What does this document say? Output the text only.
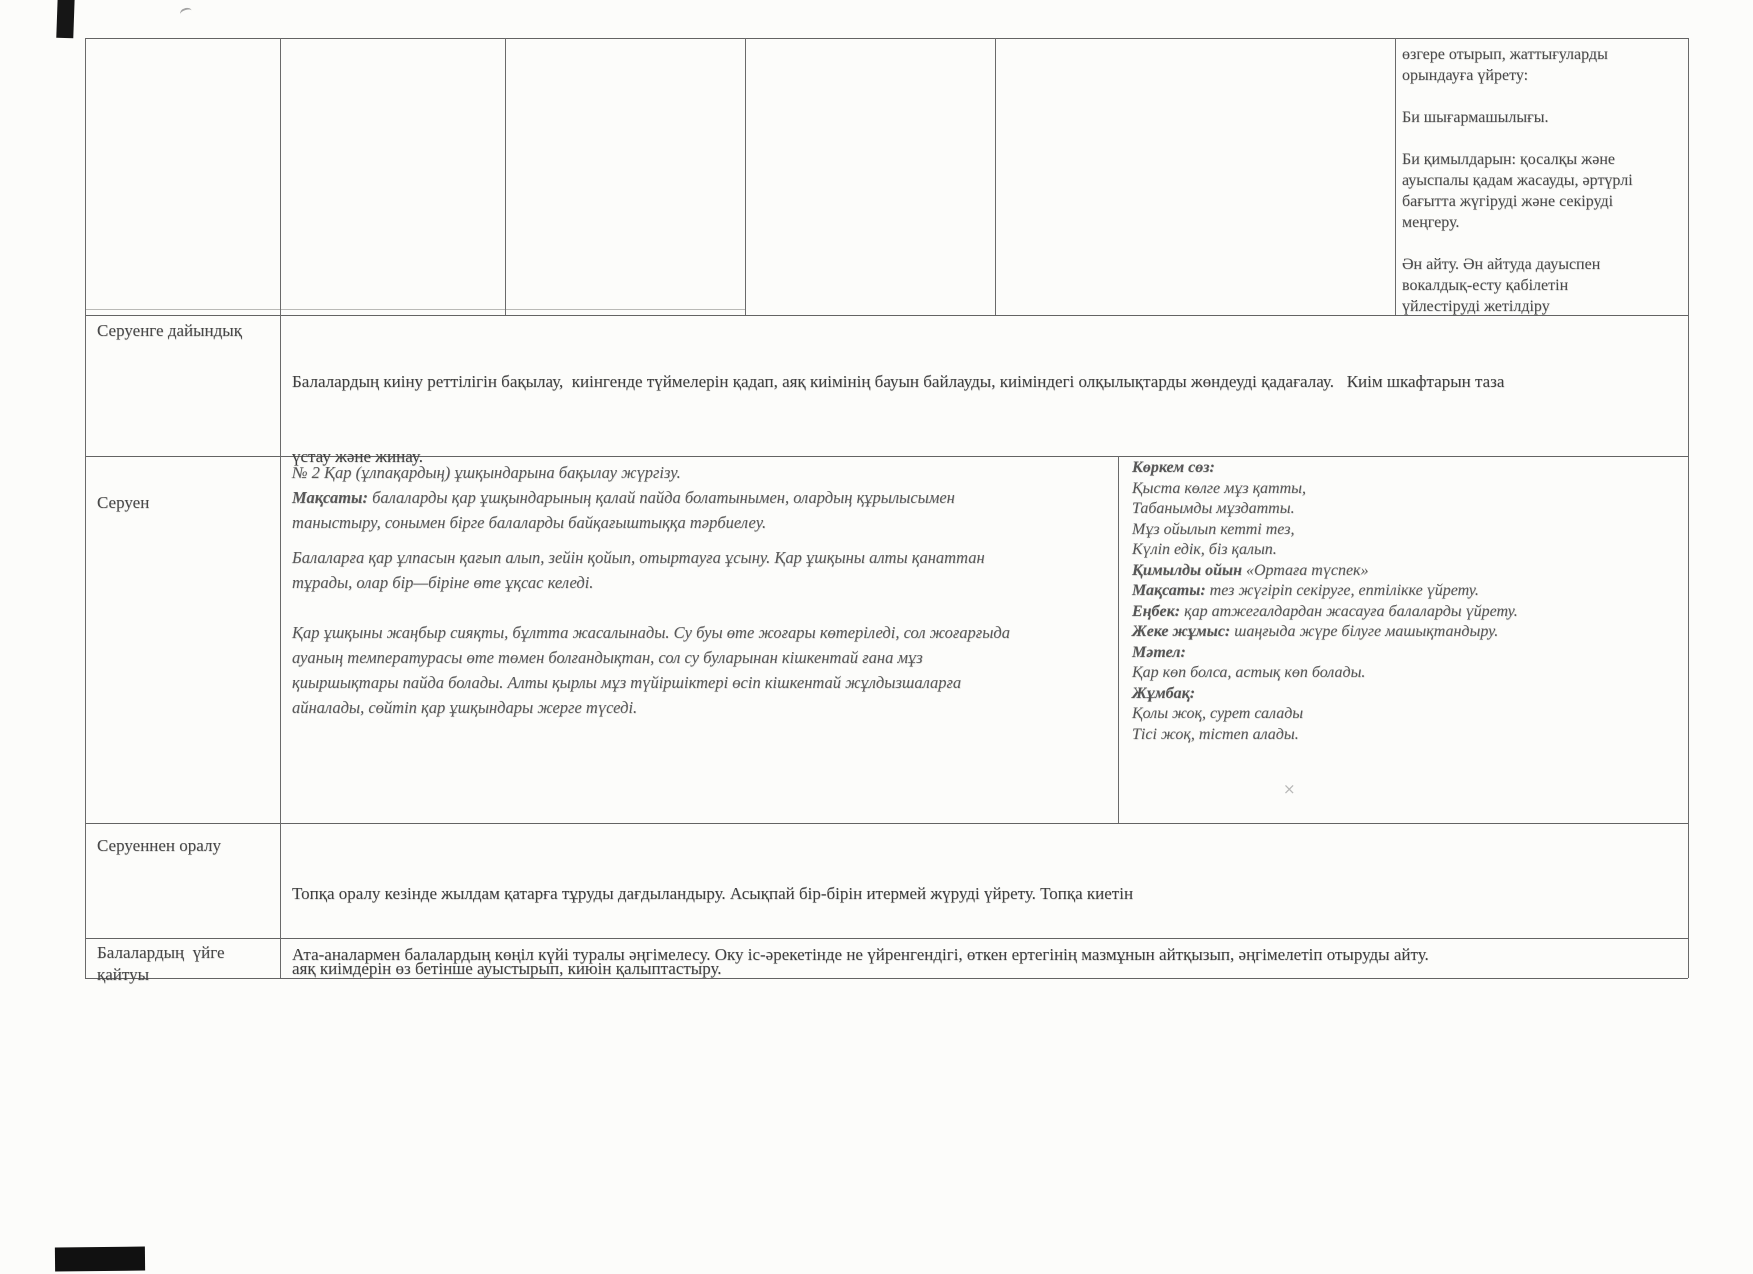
⨯
өзгере отырып, жаттығуларды
орындауға үйрету:
Би шығармашылығы.
Би қимылдарын: қосалқы және
ауыспалы қадам жасауды, әртүрлі
бағытта жүгіруді және секіруді
меңгеру.
Ән айту. Ән айтуда дауыспен
вокалдық-есту қабілетін
үйлестіруді жетілдіру
Серуенге дайындық

Балалардың киіну реттілігін бақылау,  киінгенде түймелерін қадап, аяқ киімінің бауын байлауды, киіміндегі олқылықтарды жөндеуді қадағалау.   Киім шкафтарын таза

үстау және жинау.

Серуен

№ 2 Қар (ұлпақардың) ұшқындарына бақылау жүргізу.

Мақсаты: балаларды қар ұшқындарының қалай пайда болатынымен, олардың құрылысымен таныстыру, сонымен бірге балаларды байқағыштыққа тәрбиелеу.

Балаларға қар ұлпасын қағып алып, зейін қойып, отыртауға ұсыну. Қар ұшқыны алты қанаттан тұрады, олар бір—біріне өте ұқсас келеді.

Қар ұшқыны жаңбыр сияқты, бұлтта жасалынады. Су буы өте жоғары көтеріледі, сол жоғарғыда ауаның температурасы өте төмен болғандықтан, сол су буларынан кішкентай ғана мұз қиыршықтары пайда болады. Алты қырлы мұз түйіршіктері өсіп кішкентай жұлдызшаларға айналады, сөйтіп қар ұшқындары жерге түседі.

Көркем сөз:
Қыста көлге мұз қатты,
Табанымды мұздатты.
Мұз ойылып кетті тез,
Күліп едік, біз қалып.
Қимылды ойын «Ортаға түспек»
Мақсаты: тез жүгіріп секіруге, ептілікке үйрету.
Еңбек: қар атжегалдардан жасауға балаларды үйрету.
Жеке жұмыс: шаңғыда жүре білуге машықтандыру.
Мәтел:
Қар көп болса, астық көп болады.
Жұмбақ:
Қолы жоқ, сурет салады
Тісі жоқ, тістеп алады.
Серуеннен оралу

Топқа оралу кезінде жылдам қатарға тұруды дағдыландыру. Асықпай бір-бірін итермей жүруді үйрету. Топқа киетін

аяқ киімдерін өз бетінше ауыстырып, киюін қалыптастыру.

Балалардың  үйге
қайтуы
Ата-аналармен балалардың көңіл күйі туралы әңгімелесу. Оку іс-әрекетінде не үйренгендігі, өткен ертегінің мазмұнын айтқызып, әңгімелетіп отыруды айту.
